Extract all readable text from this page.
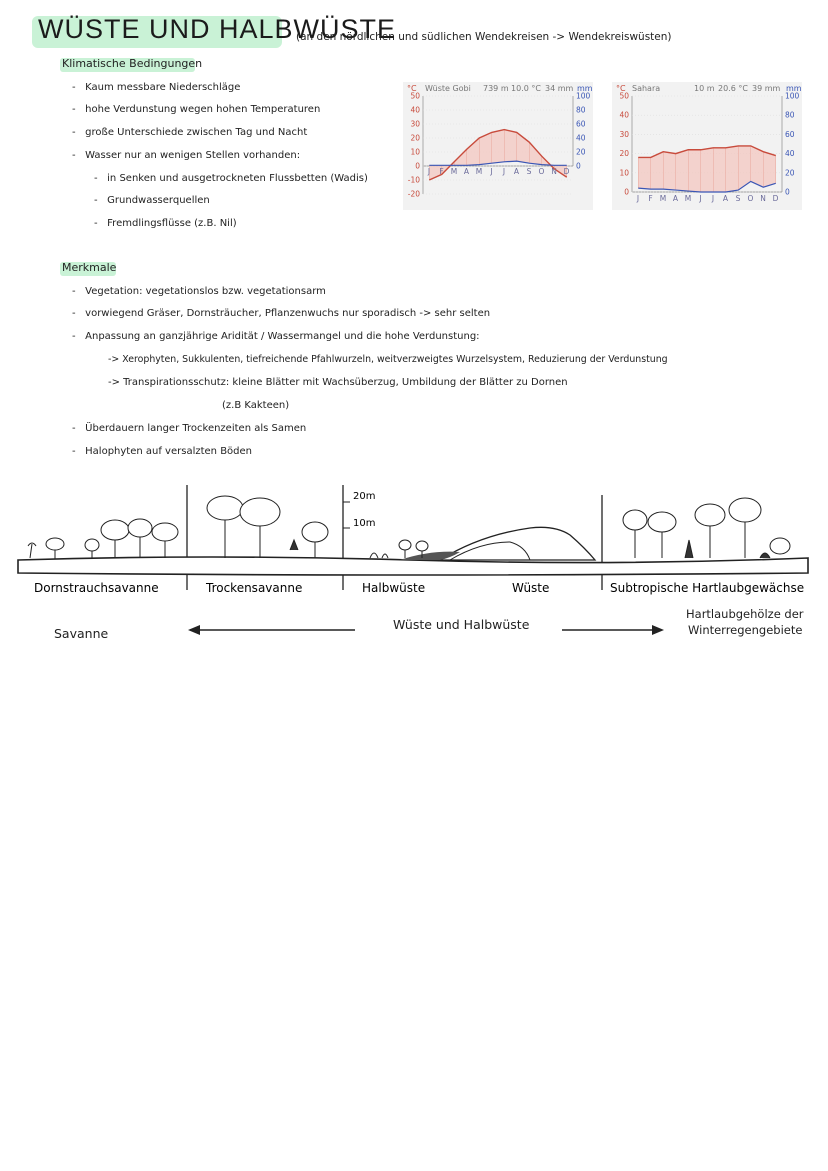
WÜSTE UND HALBWÜSTE
(an den nördlichen und südlichen Wendekreisen -> Wendekreiswüsten)
Klimatische Bedingungen
-   Kaum messbare Niederschläge
-   hohe Verdunstung wegen hohen Temperaturen
-   große Unterschiede zwischen Tag und Nacht
-   Wasser nur an wenigen Stellen vorhanden:
-   in Senken und ausgetrockneten Flussbetten (Wadis)
-   Grundwasserquellen
-   Fremdlingsflüsse (z.B. Nil)
°C Wüste Gobi 739 m 10.0 °C 34 mm mm
50
40
30
20
10
0
-10
-20
100
80
60
40
20
0
J F M A M J J A S O N D
°C Sahara	10 m 20.6 °C 39 mm mm
50
40
30
20
10
0
100
80
60
40
20
0
J F M A M J J A S O N D
Merkmale
-   Vegetation: vegetationslos bzw. vegetationsarm
-   vorwiegend Gräser, Dornsträucher, Pflanzenwuchs nur sporadisch -> sehr selten
-   Anpassung an ganzjährige Aridität / Wassermangel und die hohe Verdunstung:
-> Xerophyten, Sukkulenten, tiefreichende Pfahlwurzeln, weitverzweigtes Wurzelsystem, Reduzierung der Verdunstung
-> Transpirationsschutz: kleine Blätter mit Wachsüberzug, Umbildung der Blätter zu Dornen
(z.B Kakteen)
-   Überdauern langer Trockenzeiten als Samen
-   Halophyten auf versalzten Böden
20m
10m
Dornstrauchsavanne	Trockensavanne	Halbwüste	Wüste	Subtropische Hartlaubgewächse
Savanne
Wüste und Halbwüste
Hartlaubgehölze der
Winterregengebiete
